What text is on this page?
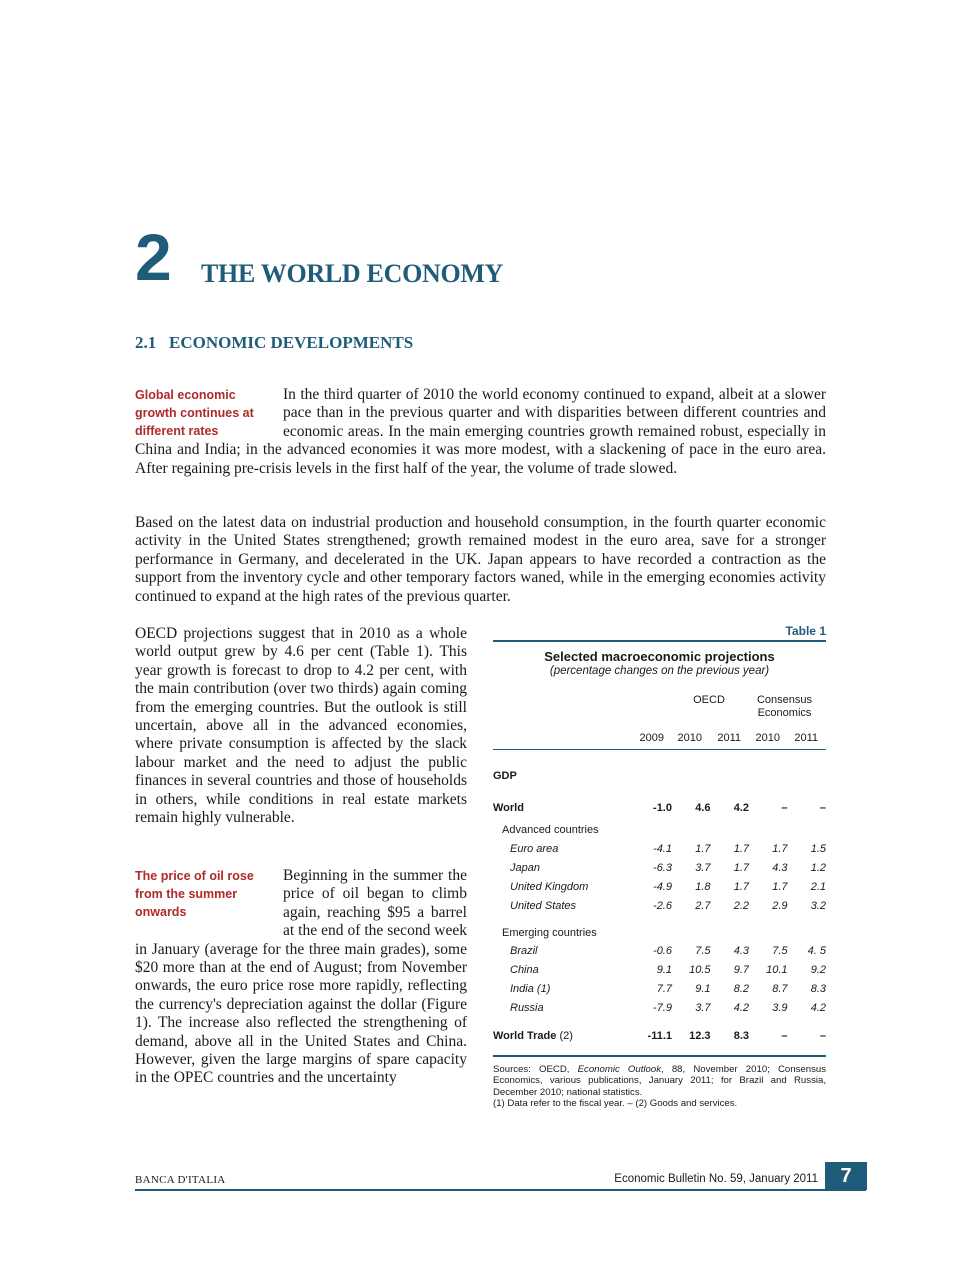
2 THE WORLD ECONOMY
2.1   ECONOMIC DEVELOPMENTS
Global economic growth continues at different rates

In the third quarter of 2010 the world economy continued to expand, albeit at a slower pace than in the previous quarter and with disparities between different countries and economic areas. In the main emerging countries growth remained robust, especially in China and India; in the advanced economies it was more modest, with a slackening of pace in the euro area. After regaining pre-crisis levels in the first half of the year, the volume of trade slowed.

Based on the latest data on industrial production and household consumption, in the fourth quarter economic activity in the United States strengthened; growth remained modest in the euro area, save for a stronger performance in Germany, and decelerated in the UK. Japan appears to have recorded a contraction as the support from the inventory cycle and other temporary factors waned, while in the emerging economies activity continued to expand at the high rates of the previous quarter.

OECD projections suggest that in 2010 as a whole world output grew by 4.6 per cent (Table 1). This year growth is forecast to drop to 4.2 per cent, with the main contribution (over two thirds) again coming from the emerging countries. But the outlook is still uncertain, above all in the advanced economies, where private consumption is affected by the slack labour market and the need to adjust the public finances in several countries and those of households in others, while conditions in real estate markets remain highly vulnerable.

The price of oil rose from the summer onwards

Beginning in the summer the price of oil began to climb again, reaching $95 a barrel at the end of the second week in January (average for the three main grades), some $20 more than at the end of August; from November onwards, the euro price rose more rapidly, reflecting the currency's depreciation against the dollar (Figure 1). The increase also reflected the strengthening of demand, above all in the United States and China. However, given the large margins of spare capacity in the OPEC countries and the uncertainty

Table 1
Selected macroeconomic projections
(percentage changes on the previous year)
OECD	Consensus Economics
2009	2010	2011	2010	2011
GDP					
World	-1.0	4.6	4.2	–	–
Advanced countries					
Euro area	-4.1	1.7	1.7	1.7	1.5
Japan	-6.3	3.7	1.7	4.3	1.2
United Kingdom	-4.9	1.8	1.7	1.7	2.1
United States	-2.6	2.7	2.2	2.9	3.2
Emerging countries					
Brazil	-0.6	7.5	4.3	7.5	4. 5
China	9.1	10.5	9.7	10.1	9.2
India (1)	7.7	9.1	8.2	8.7	8.3
Russia	-7.9	3.7	4.2	3.9	4.2
World Trade (2)	-11.1	12.3	8.3	–	–
Sources: OECD, Economic Outlook, 88, November 2010; Consensus Economics, various publications, January 2011; for Brazil and Russia, December 2010; national statistics.
(1) Data refer to the fiscal year. – (2) Goods and services.
BANCA D'ITALIA	Economic Bulletin No. 59, January 2011	7
